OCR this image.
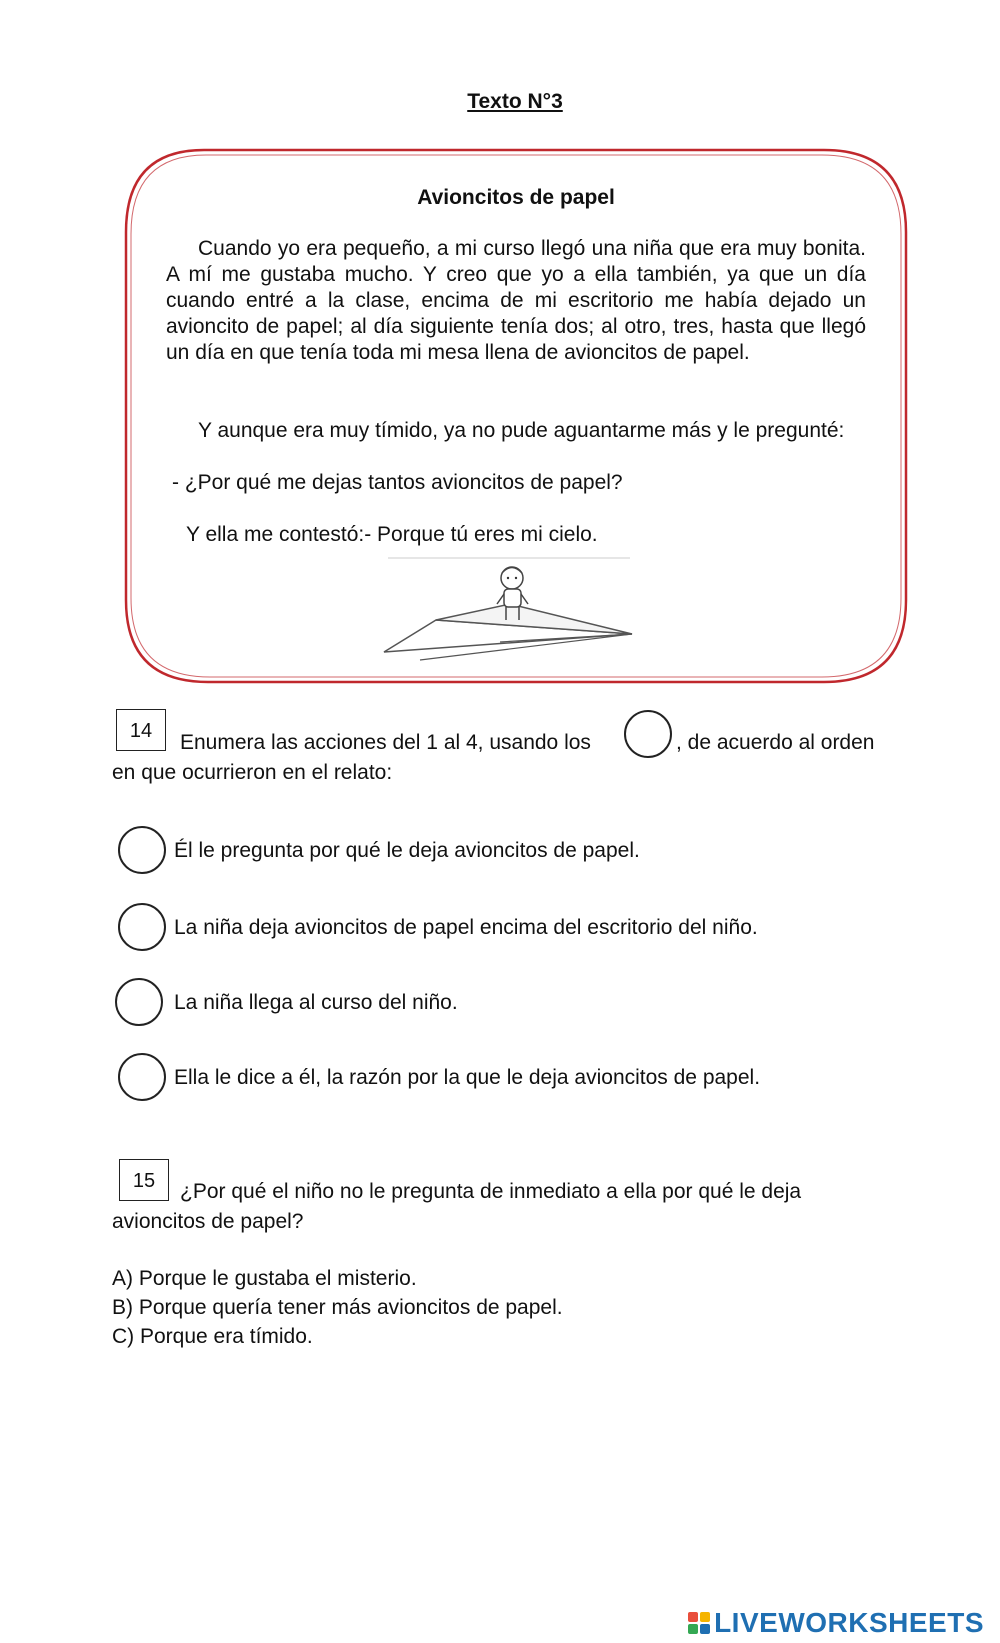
Texto N°3
Avioncitos de papel
Cuando yo era pequeño, a mi curso llegó una niña que era muy bonita. A mí me gustaba mucho. Y creo que yo a ella también, ya que un día cuando entré a la clase, encima de mi escritorio me había dejado un avioncito de papel; al día siguiente tenía dos; al otro, tres, hasta que llegó un día en que tenía toda mi mesa llena de avioncitos de papel.
Y aunque era muy tímido, ya no pude aguantarme más y le pregunté:
- ¿Por qué me dejas tantos avioncitos de papel?
Y ella me contestó:- Porque tú eres mi cielo.
14	Enumera las acciones del 1 al 4, usando los	, de acuerdo al orden
en que ocurrieron en el relato:
Él le pregunta por qué le deja avioncitos de papel.
La niña deja avioncitos de papel encima del escritorio del niño.
La niña llega al curso del niño.
Ella le dice a él, la razón por la que le deja avioncitos de papel.
15	¿Por qué el niño no le pregunta de inmediato a ella por qué le deja
avioncitos de papel?
A) Porque le gustaba el misterio.
B) Porque quería tener más avioncitos de papel.
C) Porque era tímido.
LIVEWORKSHEETS
